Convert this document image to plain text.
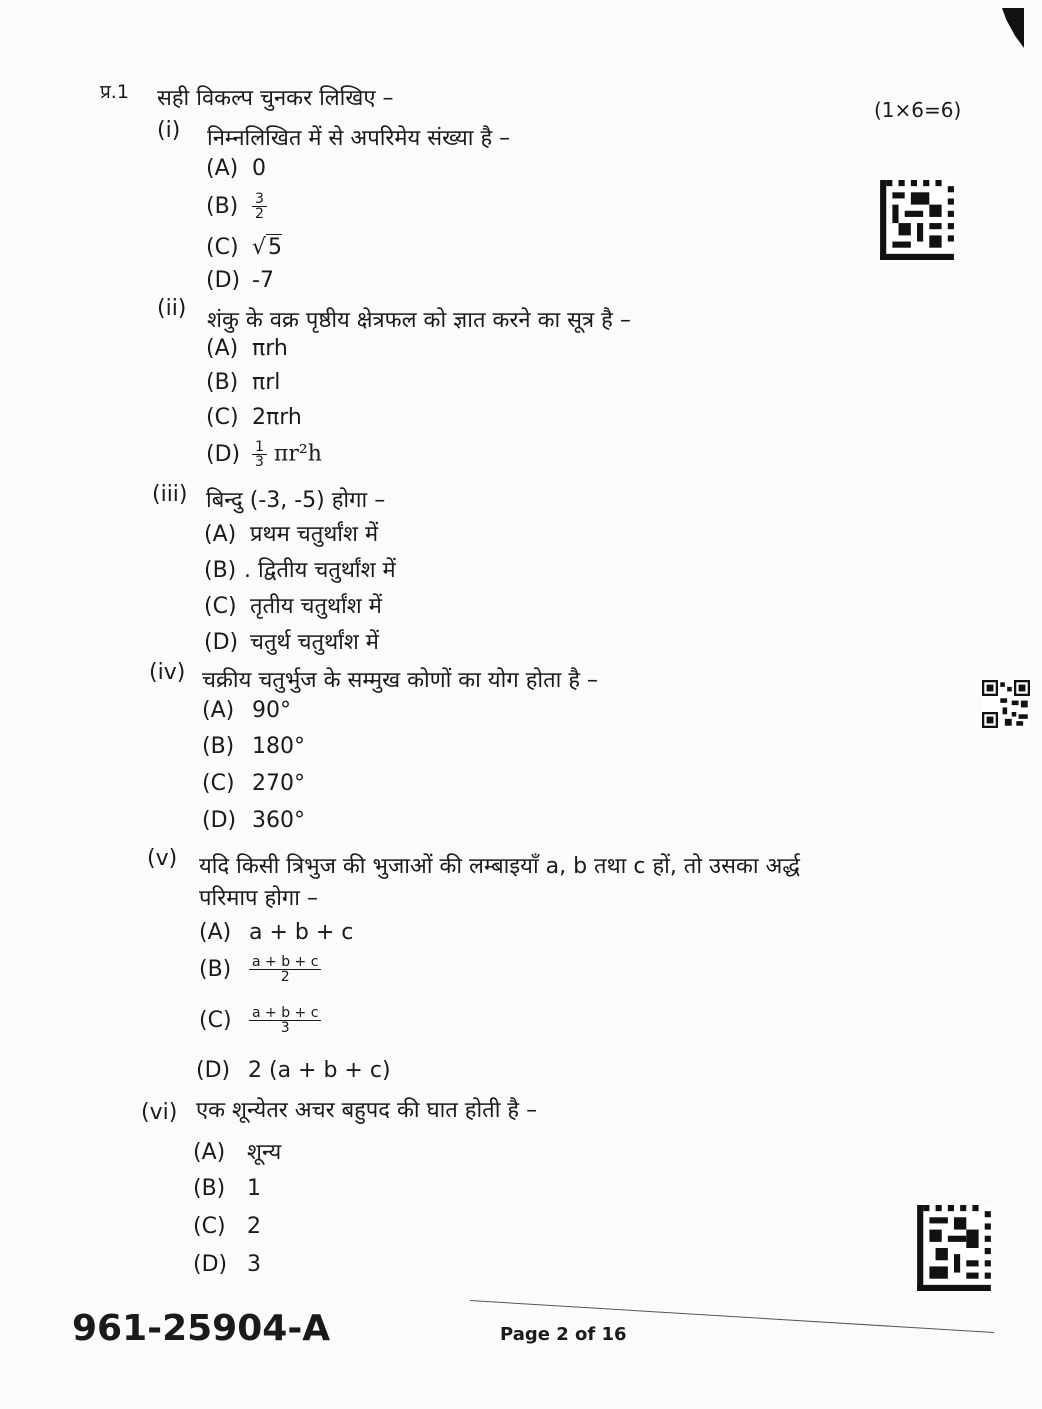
प्र.1 सही विकल्प चुनकर लिखिए –	(1×6=6)
(i) निम्नलिखित में से अपरिमेय संख्या है –
(A) 0
$(B) \frac{3}{2}$
(C) √5
(D) -7
(ii) शंकु के वक्र पृष्ठीय क्षेत्रफल को ज्ञात करने का सूत्र है –
(A) πrh
(B) πrl
(C) 2πrh
$(D) \frac{1}{3} \pi r^2h$
(iii) बिन्दु (-3, -5) होगा –
(A) प्रथम चतुर्थांश में
(B) . द्वितीय चतुर्थांश में
(C) तृतीय चतुर्थांश में
(D) चतुर्थ चतुर्थांश में
(iv) चक्रीय चतुर्भुज के सम्मुख कोणों का योग होता है –
(A) 90°
(B) 180°
(C) 270°
(D) 360°
(v) यदि किसी त्रिभुज की भुजाओं की लम्बाइयाँ a, b तथा c हों, तो उसका अर्द्ध
परिमाप होगा –
(A) a + b + c
$(B) \frac{a + b + c}{2}$
$(C) \frac{a + b + c}{3}$
(D) 2 (a + b + c)
(vi) एक शून्येतर अचर बहुपद की घात होती है –
(A) शून्य
(B) 1
(C) 2
(D) 3
961-25904-A	Page 2 of 16
